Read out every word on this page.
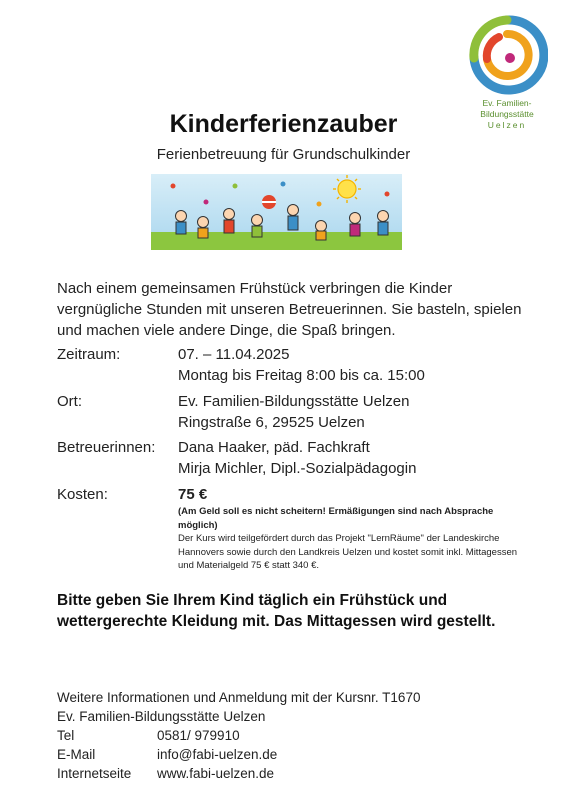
Ev. Familien-
Bildungsstätte
Uelzen
Kinderferienzauber
Ferienbetreuung für Grundschulkinder
Nach einem gemeinsamen Frühstück verbringen die Kinder vergnügliche Stunden mit unseren Betreuerinnen. Sie basteln, spielen und machen viele andere Dinge, die Spaß bringen.
Zeitraum:	07. – 11.04.2025
Montag bis Freitag 8:00 bis ca. 15:00
Ort:	Ev. Familien-Bildungsstätte Uelzen
Ringstraße 6, 29525 Uelzen
Betreuerinnen: Dana Haaker, päd. Fachkraft
Mirja Michler, Dipl.-Sozialpädagogin
Kosten:	75 €
(Am Geld soll es nicht scheitern! Ermäßigungen sind nach Absprache möglich)
Der Kurs wird teilgefördert durch das Projekt "LernRäume" der Landeskirche Hannovers sowie durch den Landkreis Uelzen und kostet somit inkl. Mittagessen und Materialgeld 75 € statt 340 €.
Bitte geben Sie Ihrem Kind täglich ein Frühstück und wettergerechte Kleidung mit. Das Mittagessen wird gestellt.
Weitere Informationen und Anmeldung mit der Kursnr. T1670
Ev. Familien-Bildungsstätte Uelzen
Tel	0581/ 979910
E-Mail	info@fabi-uelzen.de
Internetseite www.fabi-uelzen.de
